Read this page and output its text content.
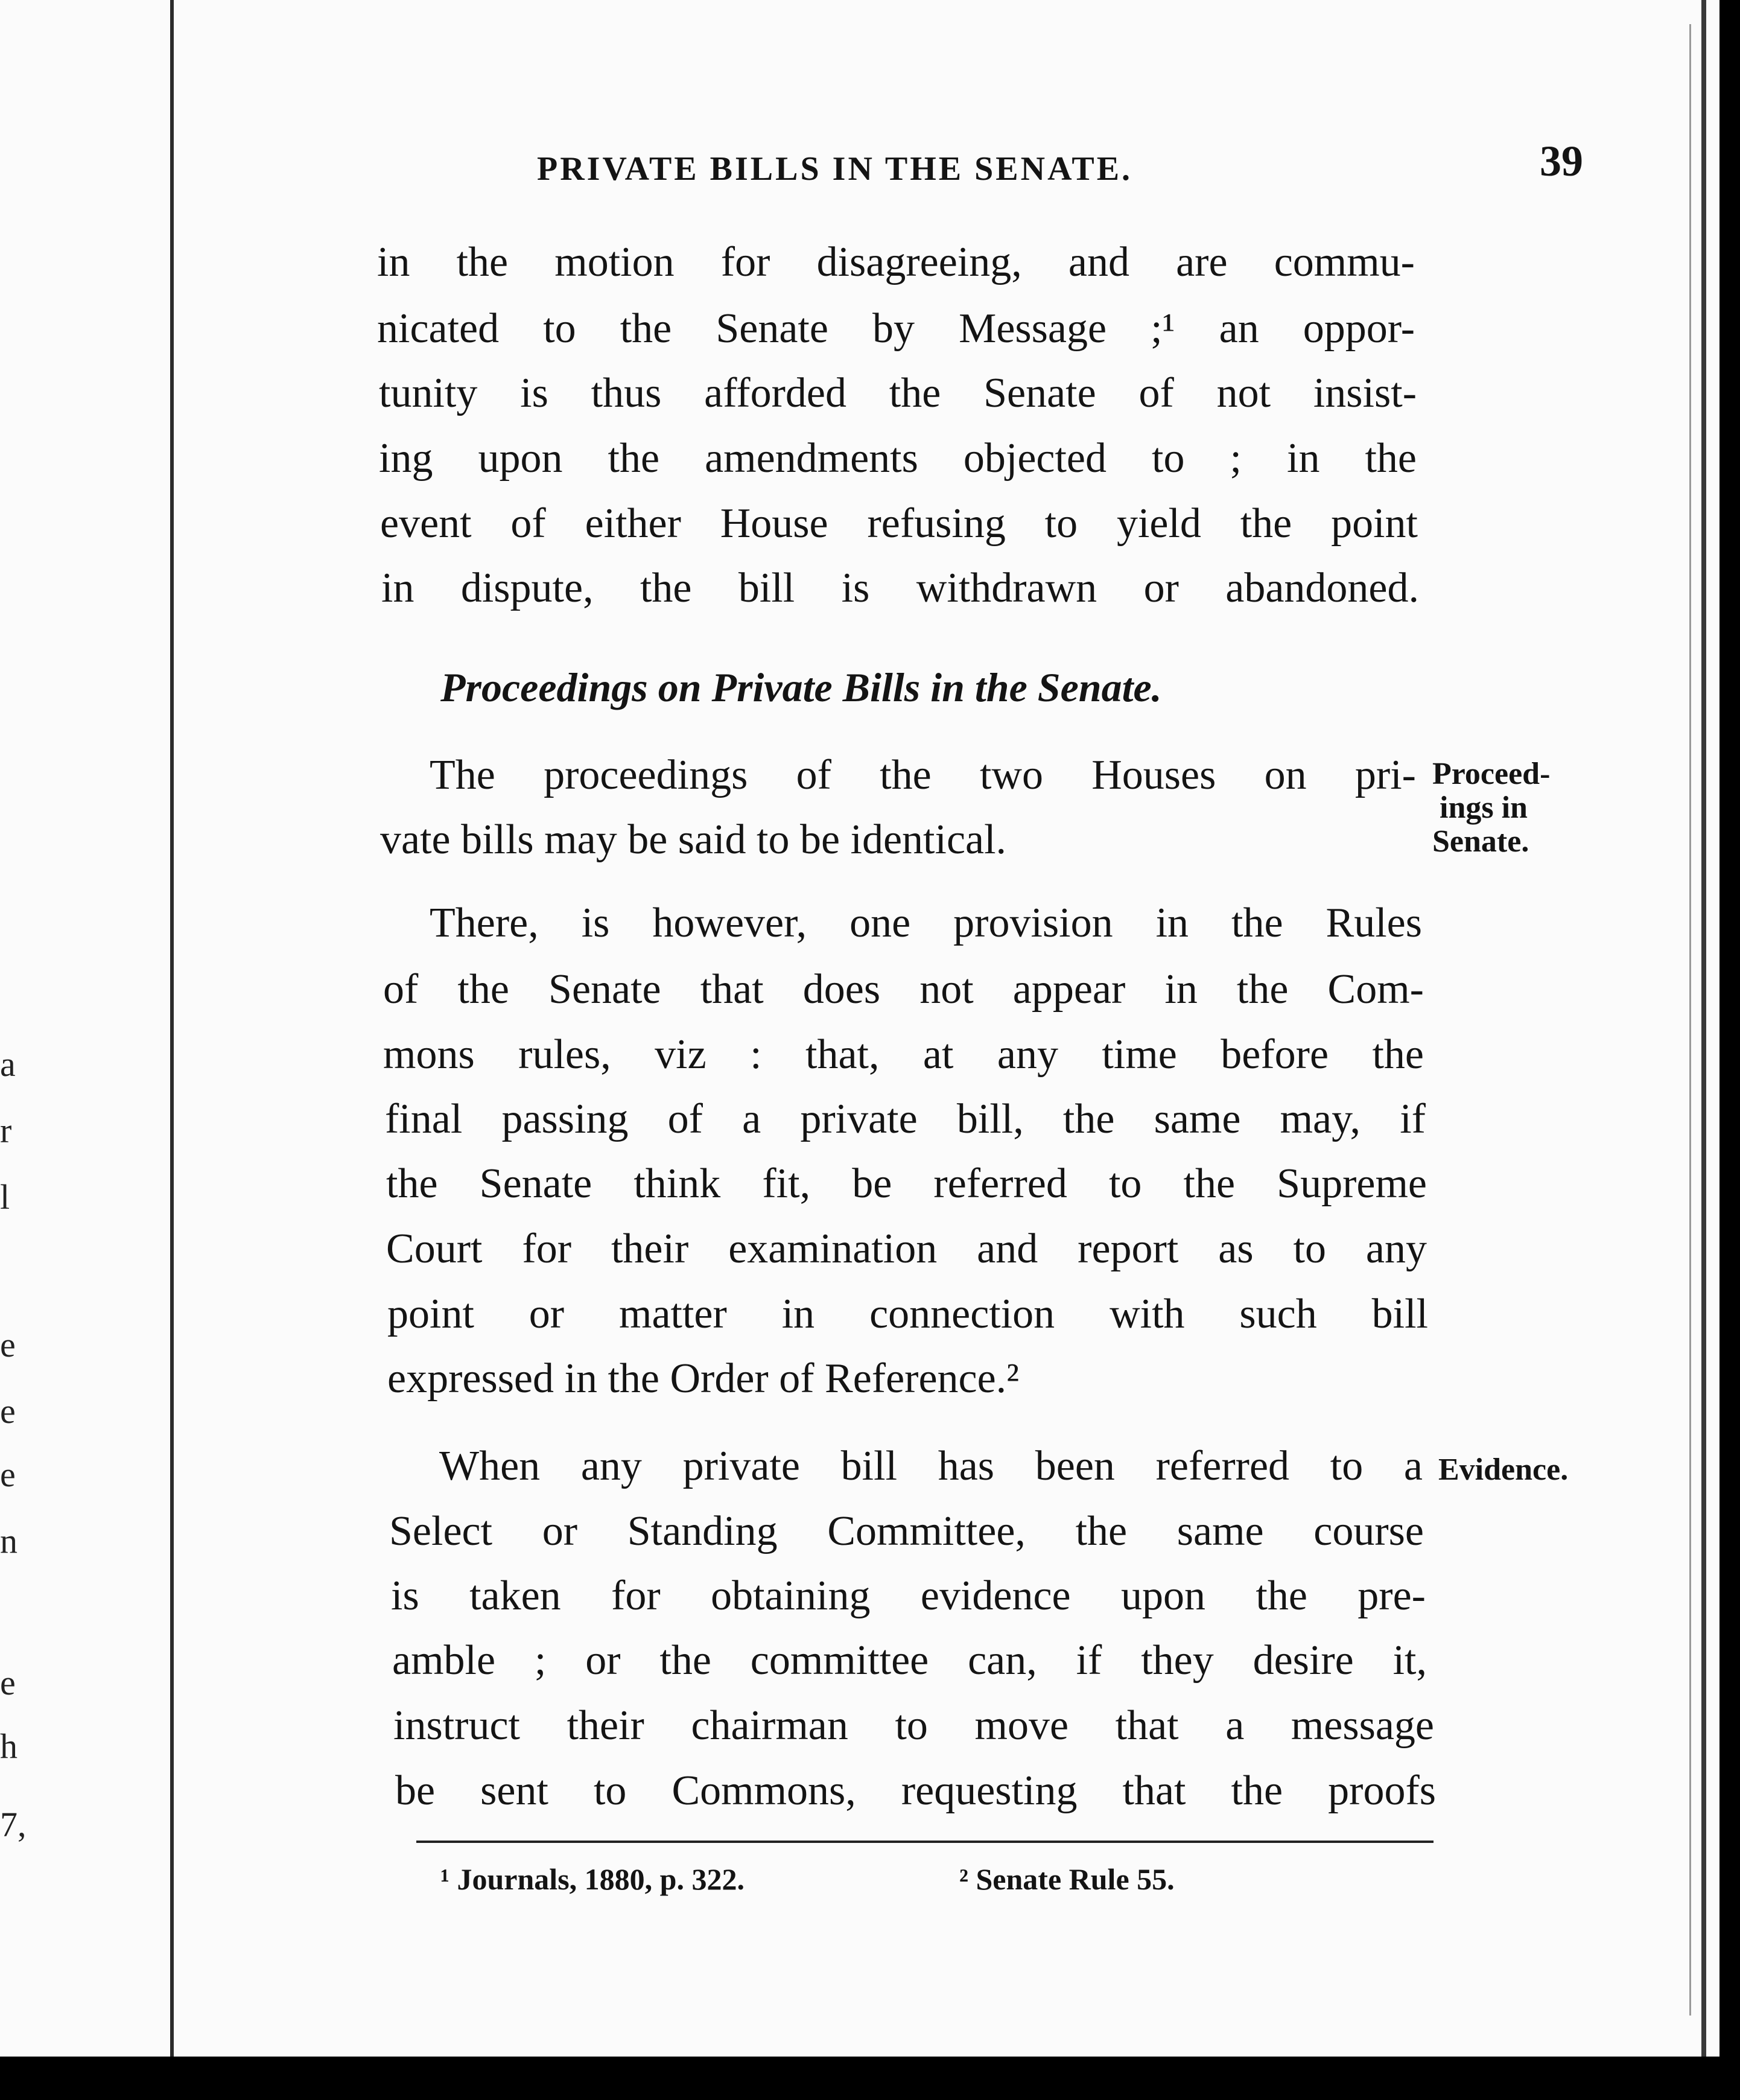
a
r
l
e
e
e
n
e
h
7,
PRIVATE BILLS IN THE SENATE.	39
in the motion for disagreeing, and are commu-
nicated to the Senate by Message ;¹ an oppor-
tunity is thus afforded the Senate of not insist-
ing upon the amendments objected to ; in the
event of either House refusing to yield the point
in dispute, the bill is withdrawn or abandoned.
Proceedings on Private Bills in the Senate.
The proceedings of the two Houses on pri-
vate bills may be said to be identical.
Proceed-
ings in
Senate.
There, is however, one provision in the Rules
of the Senate that does not appear in the Com-
mons rules, viz : that, at any time before the
final passing of a private bill, the same may, if
the Senate think fit, be referred to the Supreme
Court for their examination and report as to any
point or matter in connection with such bill
expressed in the Order of Reference.²
When any private bill has been referred to a
Select or Standing Committee, the same course
is taken for obtaining evidence upon the pre-
amble ; or the committee can, if they desire it,
instruct their chairman to move that a message
be sent to Commons, requesting that the proofs
Evidence.
¹ Journals, 1880, p. 322.	² Senate Rule 55.
